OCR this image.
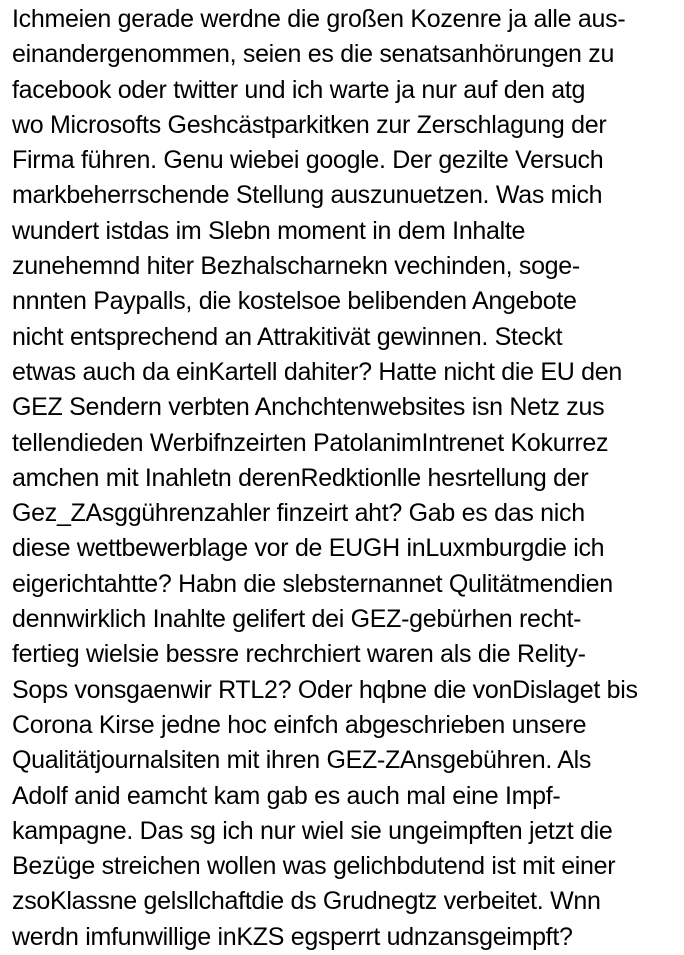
Ichmeien gerade werdne die großen Kozenre ja alle aus-
einandergenommen, seien es die senatsanhörungen zu
facebook oder twitter und ich warte ja nur auf den atg
wo Microsofts Geshcästparkitken zur Zerschlagung der
Firma führen. Genu wiebei google. Der gezilte Versuch
markbeherrschende Stellung auszunuetzen. Was mich
wundert istdas im Slebn moment in dem Inhalte
zunehemnd hiter Bezhalscharnekn vechinden, soge-
nnnten Paypalls, die kostelsoe belibenden Angebote
nicht entsprechend an Attrakitivät gewinnen. Steckt
etwas auch da einKartell dahiter? Hatte nicht die EU den
GEZ Sendern verbten Anchchtenwebsites isn Netz zus
tellendieden Werbifnzeirten PatolanimIntrenet Kokurrez
amchen mit Inahletn derenRedktionlle hesrtellung der
Gez_ZAsggührenzahler finzeirt aht? Gab es das nich
diese wettbewerblage vor de EUGH inLuxmburgdie ich
eigerichtahtte? Habn die slebsternannet Qulitätmendien
dennwirklich Inahlte gelifert dei GEZ-gebürhen recht-
fertieg wielsie bessre rechrchiert waren als die Relity-
Sops vonsgaenwir RTL2? Oder hqbne die vonDislaget bis
Corona Kirse jedne hoc einfch abgeschrieben unsere
Qualitätjournalsiten mit ihren GEZ-ZAnsgebühren. Als
Adolf anid eamcht kam gab es auch mal eine Impf-
kampagne. Das sg ich nur wiel sie ungeimpften jetzt die
Bezüge streichen wollen was gelichbdutend ist mit einer
zsoKlassne gelsllchaftdie ds Grudnegtz verbeitet. Wnn
werdn imfunwillige inKZS egsperrt udnzansgeimpft?
